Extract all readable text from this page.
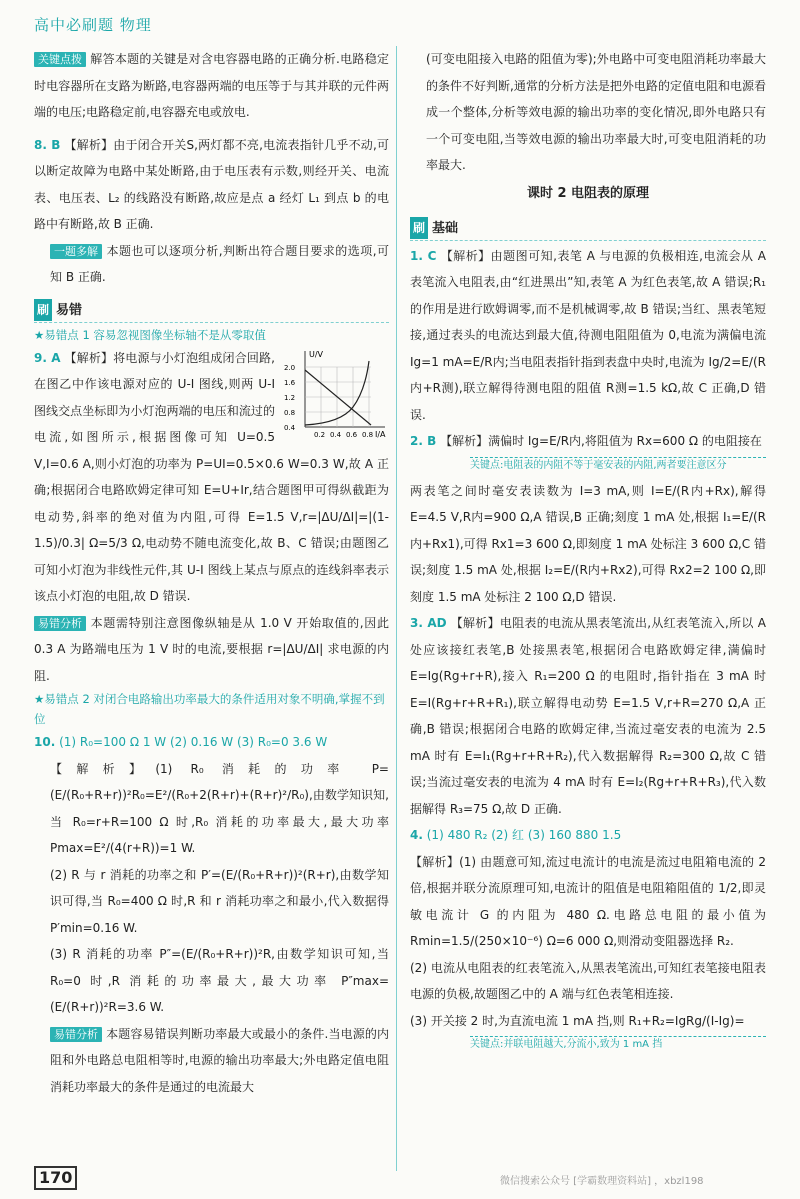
高中必刷题 物理

关键点拨 解答本题的关键是对含电容器电路的正确分析.电路稳定时电容器所在支路为断路,电容器两端的电压等于与其并联的元件两端的电压;电路稳定前,电容器充电或放电.

8. B 【解析】由于闭合开关S,两灯都不亮,电流表指针几乎不动,可以断定故障为电路中某处断路,由于电压表有示数,则经开关、电流表、电压表、L₂ 的线路没有断路,故应是点 a 经灯 L₁ 到点 b 的电路中有断路,故 B 正确.

一题多解 本题也可以逐项分析,判断出符合题目要求的选项,可知 B 正确.

刷 易错
★易错点 1 容易忽视图像坐标轴不是从零取值
U/V
I/A
2.0
1.6
1.2
0.8
0.4
0.2 0.4 0.6 0.8

9. A 【解析】将电源与小灯泡组成闭合回路,在图乙中作该电源对应的 U-I 图线,则两 U-I 图线交点坐标即为小灯泡两端的电压和流过的电流,如图所示,根据图像可知 U=0.5 V,I=0.6 A,则小灯泡的功率为 P=UI=0.5×0.6 W=0.3 W,故 A 正确;根据闭合电路欧姆定律可知 E=U+Ir,结合题图甲可得纵截距为电动势,斜率的绝对值为内阻,可得 E=1.5 V,r=|ΔU/ΔI|=|(1-1.5)/0.3| Ω=5/3 Ω,电动势不随电流变化,故 B、C 错误;由题图乙可知小灯泡为非线性元件,其 U-I 图线上某点与原点的连线斜率表示该点小灯泡的电阻,故 D 错误.

易错分析 本题需特别注意图像纵轴是从 1.0 V 开始取值的,因此 0.3 A 为路端电压为 1 V 时的电流,要根据 r=|ΔU/ΔI| 求电源的内阻.

★易错点 2 对闭合电路输出功率最大的条件适用对象不明确,掌握不到位

10. (1) R₀=100 Ω 1 W (2) 0.16 W (3) R₀=0 3.6 W

【解析】(1) R₀ 消耗的功率 P=(E/(R₀+R+r))²R₀=E²/(R₀+2(R+r)+(R+r)²/R₀),由数学知识知,当 R₀=r+R=100 Ω 时,R₀ 消耗的功率最大,最大功率 Pmax=E²/(4(r+R))=1 W.

(2) R 与 r 消耗的功率之和 P′=(E/(R₀+R+r))²(R+r),由数学知识可得,当 R₀=400 Ω 时,R 和 r 消耗功率之和最小,代入数据得 P′min=0.16 W.

(3) R 消耗的功率 P″=(E/(R₀+R+r))²R,由数学知识可知,当 R₀=0 时,R 消耗的功率最大,最大功率 P″max=(E/(R+r))²R=3.6 W.

易错分析 本题容易错误判断功率最大或最小的条件.当电源的内阻和外电路总电阻相等时,电源的输出功率最大;外电路定值电阻消耗功率最大的条件是通过的电流最大

(可变电阻接入电路的阻值为零);外电路中可变电阻消耗功率最大的条件不好判断,通常的分析方法是把外电路的定值电阻和电源看成一个整体,分析等效电源的输出功率的变化情况,即外电路只有一个可变电阻,当等效电源的输出功率最大时,可变电阻消耗的功率最大.

课时 2 电阻表的原理
刷 基础

1. C 【解析】由题图可知,表笔 A 与电源的负极相连,电流会从 A 表笔流入电阻表,由“红进黑出”知,表笔 A 为红色表笔,故 A 错误;R₁ 的作用是进行欧姆调零,而不是机械调零,故 B 错误;当红、黑表笔短接,通过表头的电流达到最大值,待测电阻阻值为 0,电流为满偏电流 Ig=1 mA=E/R内;当电阻表指针指到表盘中央时,电流为 Ig/2=E/(R内+R测),联立解得待测电阻的阻值 R测=1.5 kΩ,故 C 正确,D 错误.

2. B 【解析】满偏时 Ig=E/R内,将阻值为 Rx=600 Ω 的电阻接在

关键点:电阻表的内阻不等于毫安表的内阻,两者要注意区分

两表笔之间时毫安表读数为 I=3 mA,则 I=E/(R内+Rx),解得 E=4.5 V,R内=900 Ω,A 错误,B 正确;刻度 1 mA 处,根据 I₁=E/(R内+Rx1),可得 Rx1=3 600 Ω,即刻度 1 mA 处标注 3 600 Ω,C 错误;刻度 1.5 mA 处,根据 I₂=E/(R内+Rx2),可得 Rx2=2 100 Ω,即刻度 1.5 mA 处标注 2 100 Ω,D 错误.

3. AD 【解析】电阻表的电流从黑表笔流出,从红表笔流入,所以 A 处应该接红表笔,B 处接黑表笔,根据闭合电路欧姆定律,满偏时 E=Ig(Rg+r+R),接入 R₁=200 Ω 的电阻时,指针指在 3 mA 时 E=I(Rg+r+R+R₁),联立解得电动势 E=1.5 V,r+R=270 Ω,A 正确,B 错误;根据闭合电路的欧姆定律,当流过毫安表的电流为 2.5 mA 时有 E=I₁(Rg+r+R+R₂),代入数据解得 R₂=300 Ω,故 C 错误;当流过毫安表的电流为 4 mA 时有 E=I₂(Rg+r+R+R₃),代入数据解得 R₃=75 Ω,故 D 正确.

4. (1) 480 R₂ (2) 红 (3) 160 880 1.5

【解析】(1) 由题意可知,流过电流计的电流是流过电阻箱电流的 2 倍,根据并联分流原理可知,电流计的阻值是电阻箱阻值的 1/2,即灵敏电流计 G 的内阻为 480 Ω.电路总电阻的最小值为 Rmin=1.5/(250×10⁻⁶) Ω=6 000 Ω,则滑动变阻器选择 R₂.

(2) 电流从电阻表的红表笔流入,从黑表笔流出,可知红表笔接电阻表电源的负极,故题图乙中的 A 端与红色表笔相连接.

(3) 开关接 2 时,为直流电流 1 mA 挡,则 R₁+R₂=IgRg/(I-Ig)=

关键点:并联电阻越大,分流小,致为 1 mA 挡
170	微信搜索公众号 [学霸数理资料站] ，xbzl198
